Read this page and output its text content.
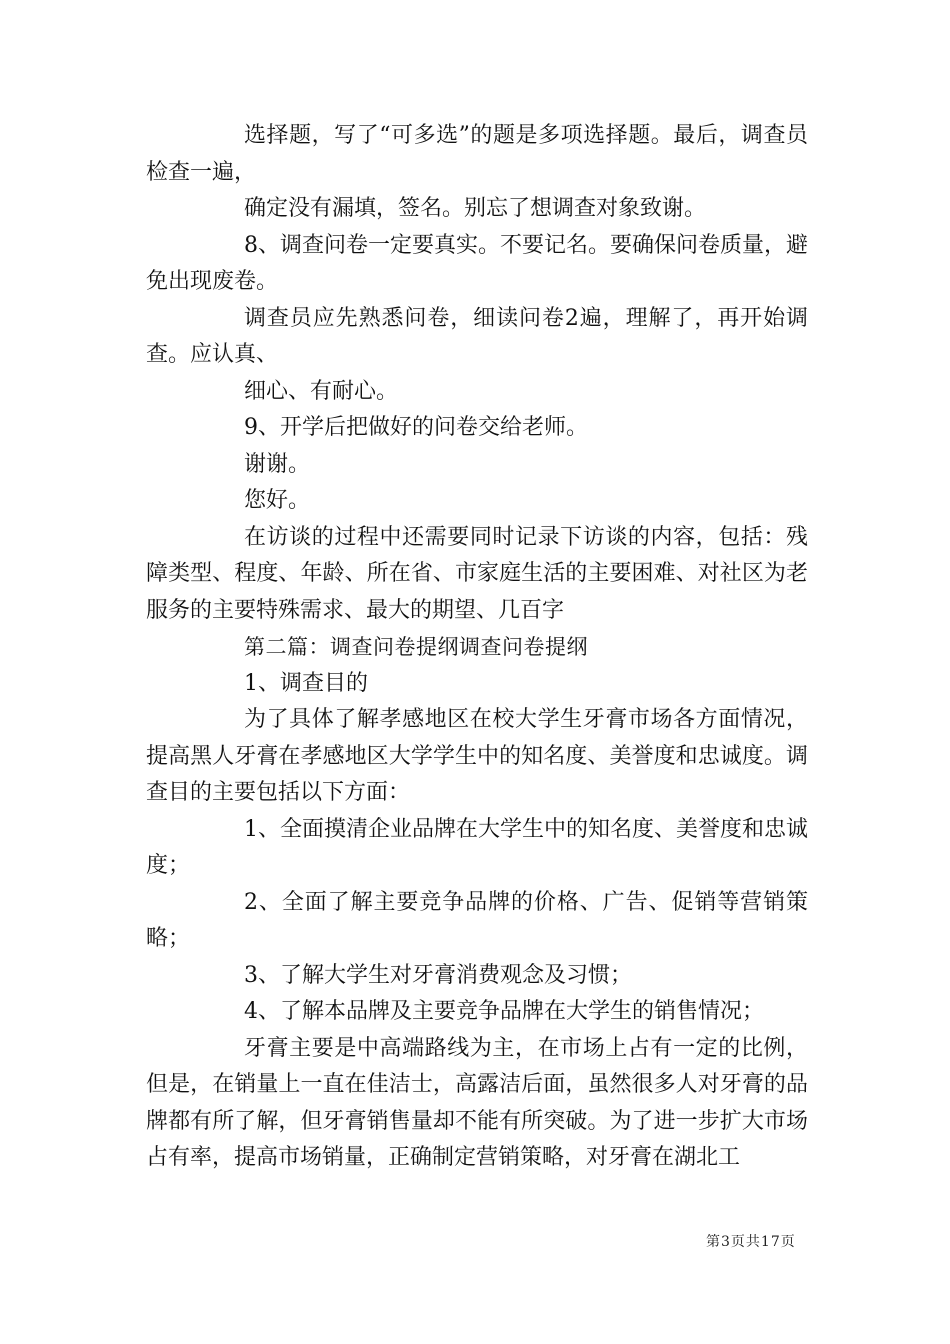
选择题，写了“可多选”的题是多项选择题。最后，调查员检查一遍，

确定没有漏填，签名。别忘了想调查对象致谢。

8、调查问卷一定要真实。不要记名。要确保问卷质量，避免出现废卷。

调查员应先熟悉问卷，细读问卷2遍，理解了，再开始调查。应认真、

细心、有耐心。

9、开学后把做好的问卷交给老师。

谢谢。

您好。

在访谈的过程中还需要同时记录下访谈的内容，包括：残障类型、程度、年龄、所在省、市家庭生活的主要困难、对社区为老服务的主要特殊需求、最大的期望、几百字

第二篇：调查问卷提纲调查问卷提纲

1、调查目的

为了具体了解孝感地区在校大学生牙膏市场各方面情况，提高黑人牙膏在孝感地区大学学生中的知名度、美誉度和忠诚度。调查目的主要包括以下方面：

1、全面摸清企业品牌在大学生中的知名度、美誉度和忠诚度；

2、全面了解主要竞争品牌的价格、广告、促销等营销策略；

3、了解大学生对牙膏消费观念及习惯；

4、了解本品牌及主要竞争品牌在大学生的销售情况；

牙膏主要是中高端路线为主，在市场上占有一定的比例，但是，在销量上一直在佳洁士，高露洁后面，虽然很多人对牙膏的品牌都有所了解，但牙膏销售量却不能有所突破。为了进一步扩大市场占有率，提高市场销量，正确制定营销策略，对牙膏在湖北工

第3页共17页
